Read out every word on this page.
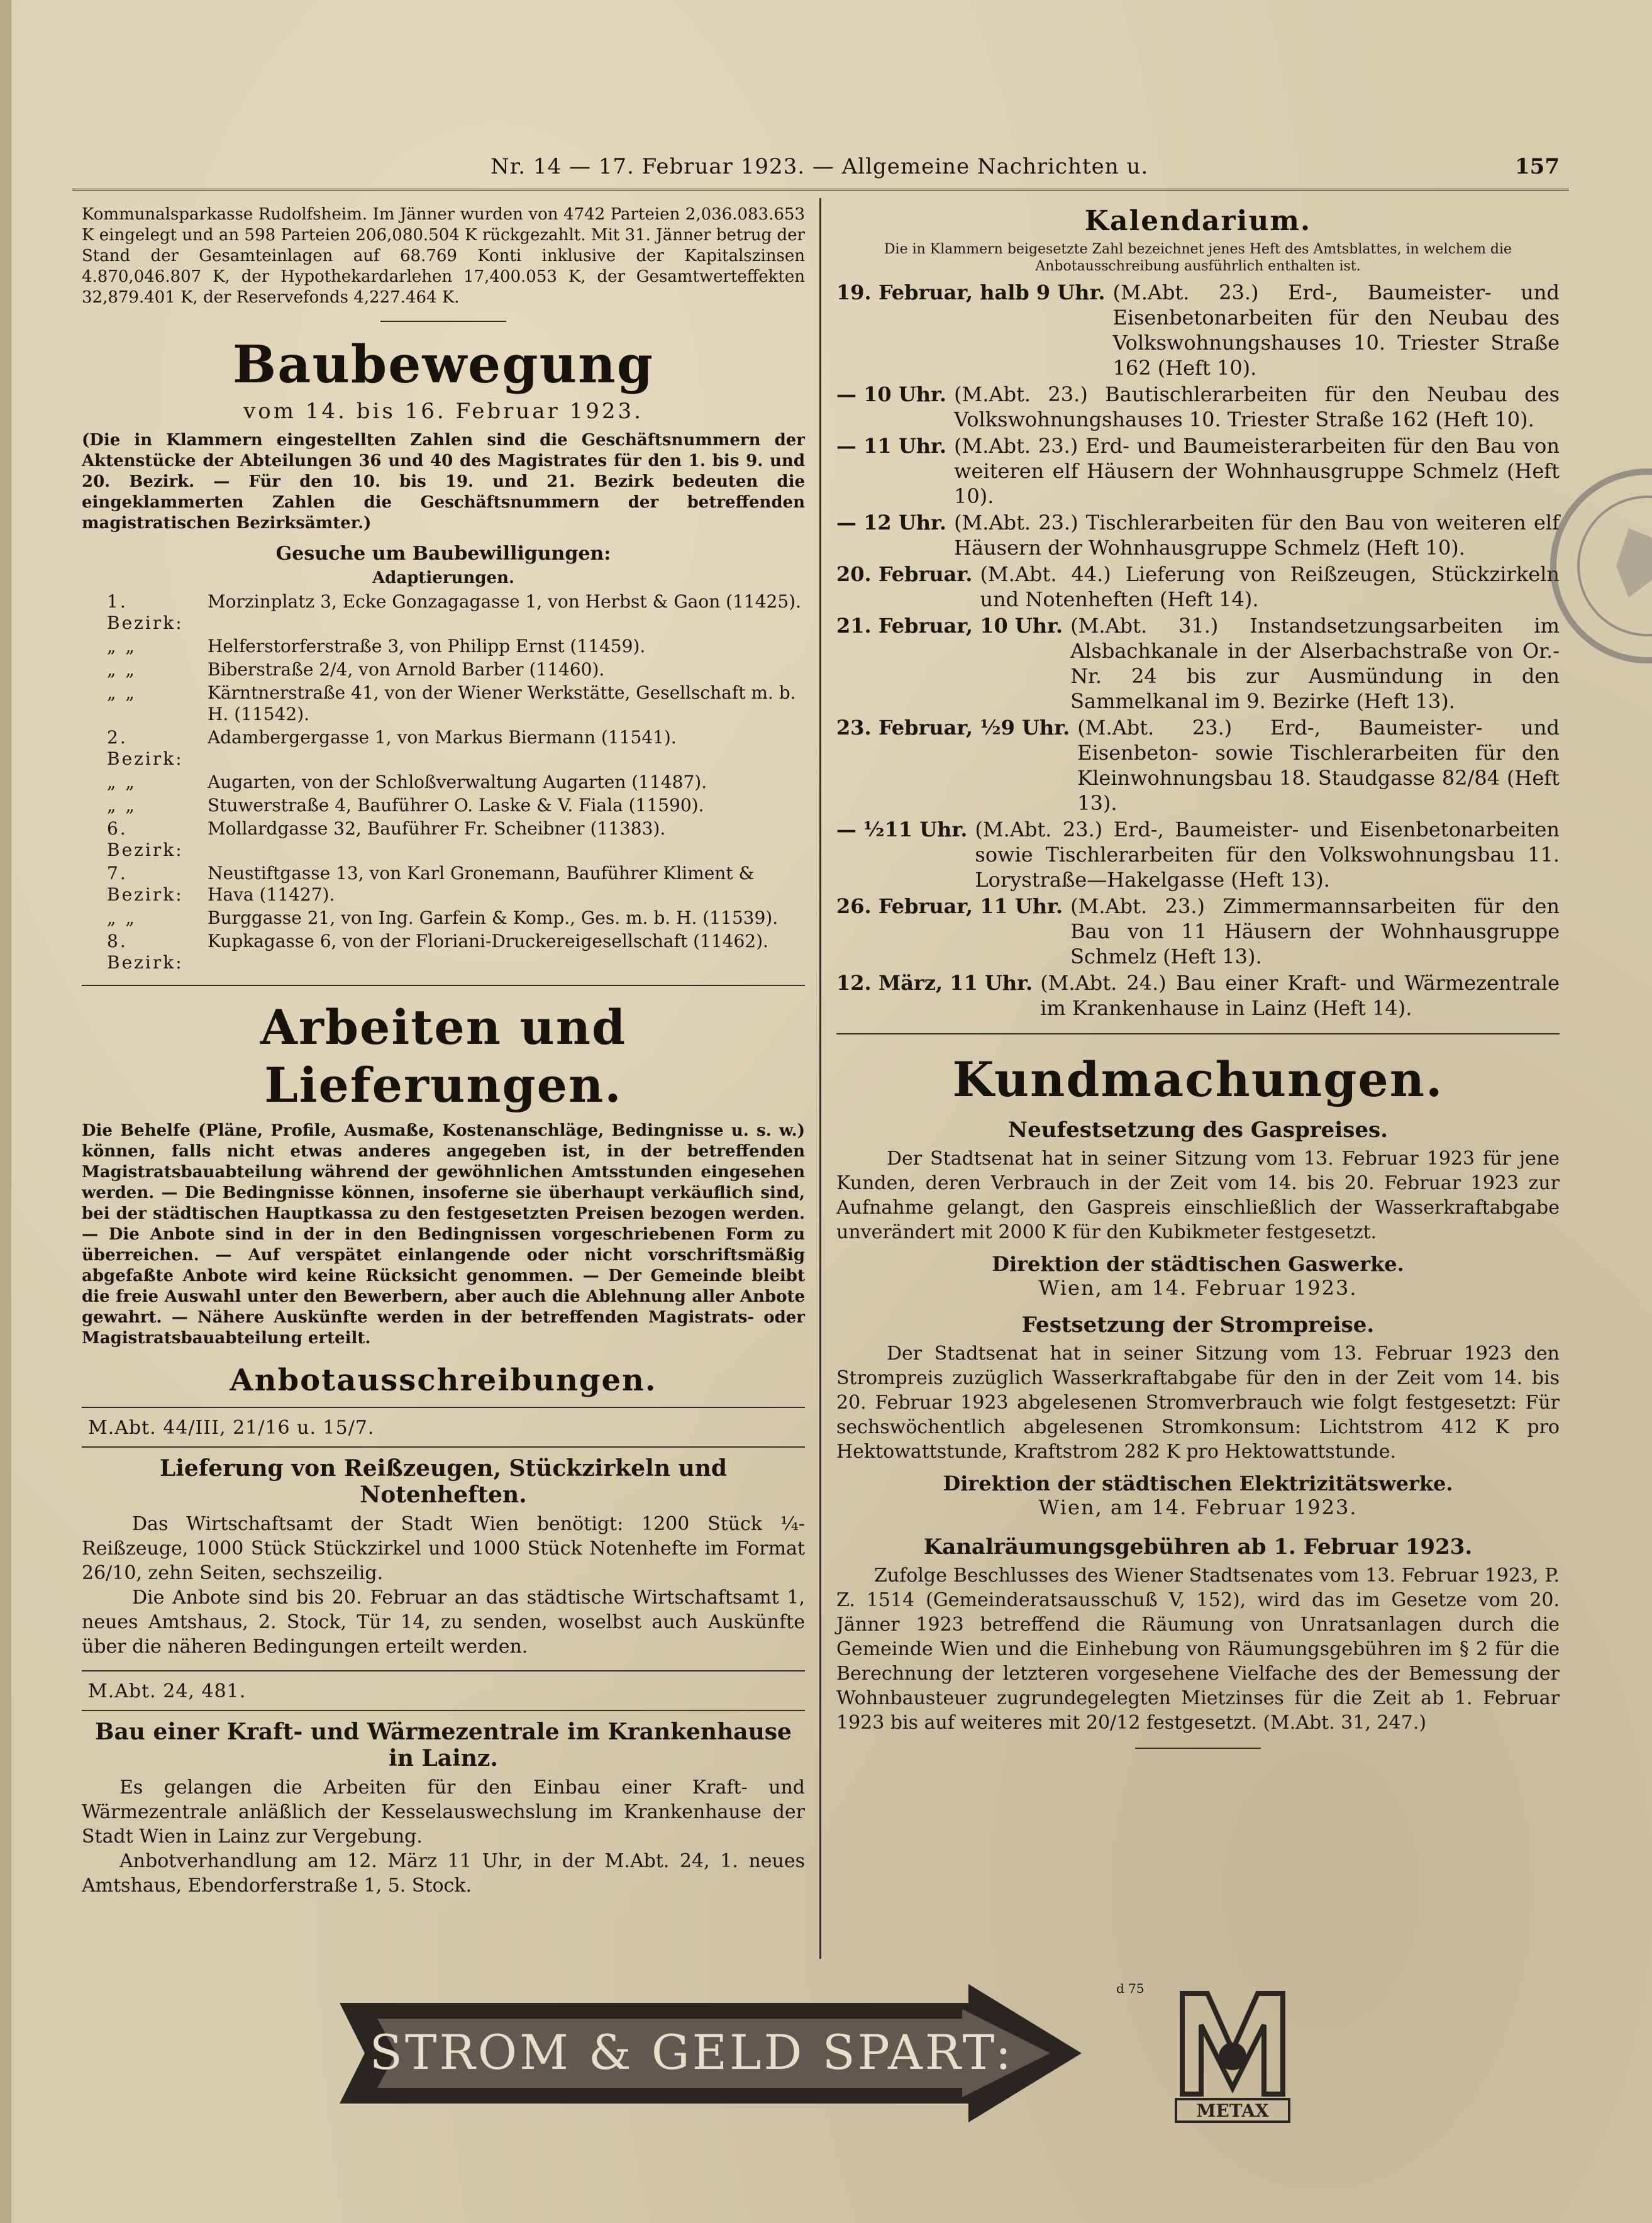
Nr. 14 — 17. Februar 1923. — Allgemeine Nachrichten u.	157

Kommunalsparkasse Rudolfsheim. Im Jänner wurden von 4742 Parteien 2,036.083.653 K eingelegt und an 598 Parteien 206,080.504 K rückgezahlt. Mit 31. Jänner betrug der Stand der Gesamteinlagen auf 68.769 Konti inklusive der Kapitalszinsen 4.870,046.807 K, der Hypothekardarlehen 17,400.053 K, der Gesamtwerteffekten 32,879.401 K, der Reservefonds 4,227.464 K.

Baubewegung
vom 14. bis 16. Februar 1923.

(Die in Klammern eingestellten Zahlen sind die Geschäftsnummern der Aktenstücke der Abteilungen 36 und 40 des Magistrates für den 1. bis 9. und 20. Bezirk. — Für den 10. bis 19. und 21. Bezirk bedeuten die eingeklammerten Zahlen die Geschäftsnummern der betreffenden magistratischen Bezirksämter.)

Gesuche um Baubewilligungen:
Adaptierungen.
1. Bezirk:
Morzinplatz 3, Ecke Gonzagagasse 1, von Herbst & Gaon (11425).
„ „	Helferstorferstraße 3, von Philipp Ernst (11459).
„ „	Biberstraße 2/4, von Arnold Barber (11460).
„ „	Kärntnerstraße 41, von der Wiener Werkstätte, Gesellschaft m. b. H. (11542).
2. Bezirk:
Adambergergasse 1, von Markus Biermann (11541).
„ „	Augarten, von der Schloßverwaltung Augarten (11487).
„ „	Stuwerstraße 4, Bauführer O. Laske & V. Fiala (11590).
6. Bezirk:
Mollardgasse 32, Bauführer Fr. Scheibner (11383).
7. Bezirk:
Neustiftgasse 13, von Karl Gronemann, Bauführer Kliment & Hava (11427).
„ „	Burggasse 21, von Ing. Garfein & Komp., Ges. m. b. H. (11539).
8. Bezirk:
Kupkagasse 6, von der Floriani-Druckereigesellschaft (11462).
Arbeiten und Lieferungen.

Die Behelfe (Pläne, Profile, Ausmaße, Kostenanschläge, Bedingnisse u. s. w.) können, falls nicht etwas anderes angegeben ist, in der betreffenden Magistratsbauabteilung während der gewöhnlichen Amtsstunden eingesehen werden. — Die Bedingnisse können, insoferne sie überhaupt verkäuflich sind, bei der städtischen Hauptkassa zu den festgesetzten Preisen bezogen werden. — Die Anbote sind in der in den Bedingnissen vorgeschriebenen Form zu überreichen. — Auf verspätet einlangende oder nicht vorschriftsmäßig abgefaßte Anbote wird keine Rücksicht genommen. — Der Gemeinde bleibt die freie Auswahl unter den Bewerbern, aber auch die Ablehnung aller Anbote gewahrt. — Nähere Auskünfte werden in der betreffenden Magistrats- oder Magistratsbauabteilung erteilt.

Anbotausschreibungen.
M.Abt. 44/III, 21/16 u. 15/7.
Lieferung von Reißzeugen, Stückzirkeln und Notenheften.

Das Wirtschaftsamt der Stadt Wien benötigt: 1200 Stück ¼-Reißzeuge, 1000 Stück Stückzirkel und 1000 Stück Notenhefte im Format 26/10, zehn Seiten, sechszeilig.

Die Anbote sind bis 20. Februar an das städtische Wirtschaftsamt 1, neues Amtshaus, 2. Stock, Tür 14, zu senden, woselbst auch Auskünfte über die näheren Bedingungen erteilt werden.

M.Abt. 24, 481.
Bau einer Kraft- und Wärmezentrale im Krankenhause in Lainz.

Es gelangen die Arbeiten für den Einbau einer Kraft- und Wärmezentrale anläßlich der Kesselauswechslung im Krankenhause der Stadt Wien in Lainz zur Vergebung.

Anbotverhandlung am 12. März 11 Uhr, in der M.Abt. 24, 1. neues Amtshaus, Ebendorferstraße 1, 5. Stock.

Kalendarium.
Die in Klammern beigesetzte Zahl bezeichnet jenes Heft des Amtsblattes, in welchem die Anbotausschreibung ausführlich enthalten ist.
19. Februar, halb 9 Uhr. (M.Abt. 23.) Erd-, Baumeister- und Eisenbetonarbeiten für den Neubau des Volkswohnungshauses 10. Triester Straße 162 (Heft 10).
— 10 Uhr. (M.Abt. 23.) Bautischlerarbeiten für den Neubau des Volkswohnungshauses 10. Triester Straße 162 (Heft 10).
— 11 Uhr. (M.Abt. 23.) Erd- und Baumeisterarbeiten für den Bau von weiteren elf Häusern der Wohnhausgruppe Schmelz (Heft 10).
— 12 Uhr. (M.Abt. 23.) Tischlerarbeiten für den Bau von weiteren elf Häusern der Wohnhausgruppe Schmelz (Heft 10).
20. Februar. (M.Abt. 44.) Lieferung von Reißzeugen, Stückzirkeln und Notenheften (Heft 14).
21. Februar, 10 Uhr. (M.Abt. 31.) Instandsetzungsarbeiten im Alsbachkanale in der Alserbachstraße von Or.-Nr. 24 bis zur Ausmündung in den Sammelkanal im 9. Bezirke (Heft 13).
23. Februar, ½9 Uhr. (M.Abt. 23.) Erd-, Baumeister- und Eisenbeton- sowie Tischlerarbeiten für den Kleinwohnungsbau 18. Staudgasse 82/84 (Heft 13).
— ½11 Uhr. (M.Abt. 23.) Erd-, Baumeister- und Eisenbetonarbeiten sowie Tischlerarbeiten für den Volkswohnungsbau 11. Lorystraße—Hakelgasse (Heft 13).
26. Februar, 11 Uhr. (M.Abt. 23.) Zimmermannsarbeiten für den Bau von 11 Häusern der Wohnhausgruppe Schmelz (Heft 13).
12. März, 11 Uhr. (M.Abt. 24.) Bau einer Kraft- und Wärmezentrale im Krankenhause in Lainz (Heft 14).
Kundmachungen.
Neufestsetzung des Gaspreises.

Der Stadtsenat hat in seiner Sitzung vom 13. Februar 1923 für jene Kunden, deren Verbrauch in der Zeit vom 14. bis 20. Februar 1923 zur Aufnahme gelangt, den Gaspreis einschließlich der Wasserkraftabgabe unverändert mit 2000 K für den Kubikmeter festgesetzt.

Direktion der städtischen Gaswerke.
Wien, am 14. Februar 1923.
Festsetzung der Strompreise.

Der Stadtsenat hat in seiner Sitzung vom 13. Februar 1923 den Strompreis zuzüglich Wasserkraftabgabe für den in der Zeit vom 14. bis 20. Februar 1923 abgelesenen Stromverbrauch wie folgt festgesetzt: Für sechswöchentlich abgelesenen Stromkonsum: Lichtstrom 412 K pro Hektowattstunde, Kraftstrom 282 K pro Hektowattstunde.

Direktion der städtischen Elektrizitätswerke.
Wien, am 14. Februar 1923.
Kanalräumungsgebühren ab 1. Februar 1923.

Zufolge Beschlusses des Wiener Stadtsenates vom 13. Februar 1923, P. Z. 1514 (Gemeinderatsausschuß V, 152), wird das im Gesetze vom 20. Jänner 1923 betreffend die Räumung von Unratsanlagen durch die Gemeinde Wien und die Einhebung von Räumungsgebühren im § 2 für die Berechnung der letzteren vorgesehene Vielfache des der Bemessung der Wohnbausteuer zugrundegelegten Mietzinses für die Zeit ab 1. Februar 1923 bis auf weiteres mit 20/12 festgesetzt. (M.Abt. 31, 247.)

STROM & GELD SPART:
d 75
METAX
